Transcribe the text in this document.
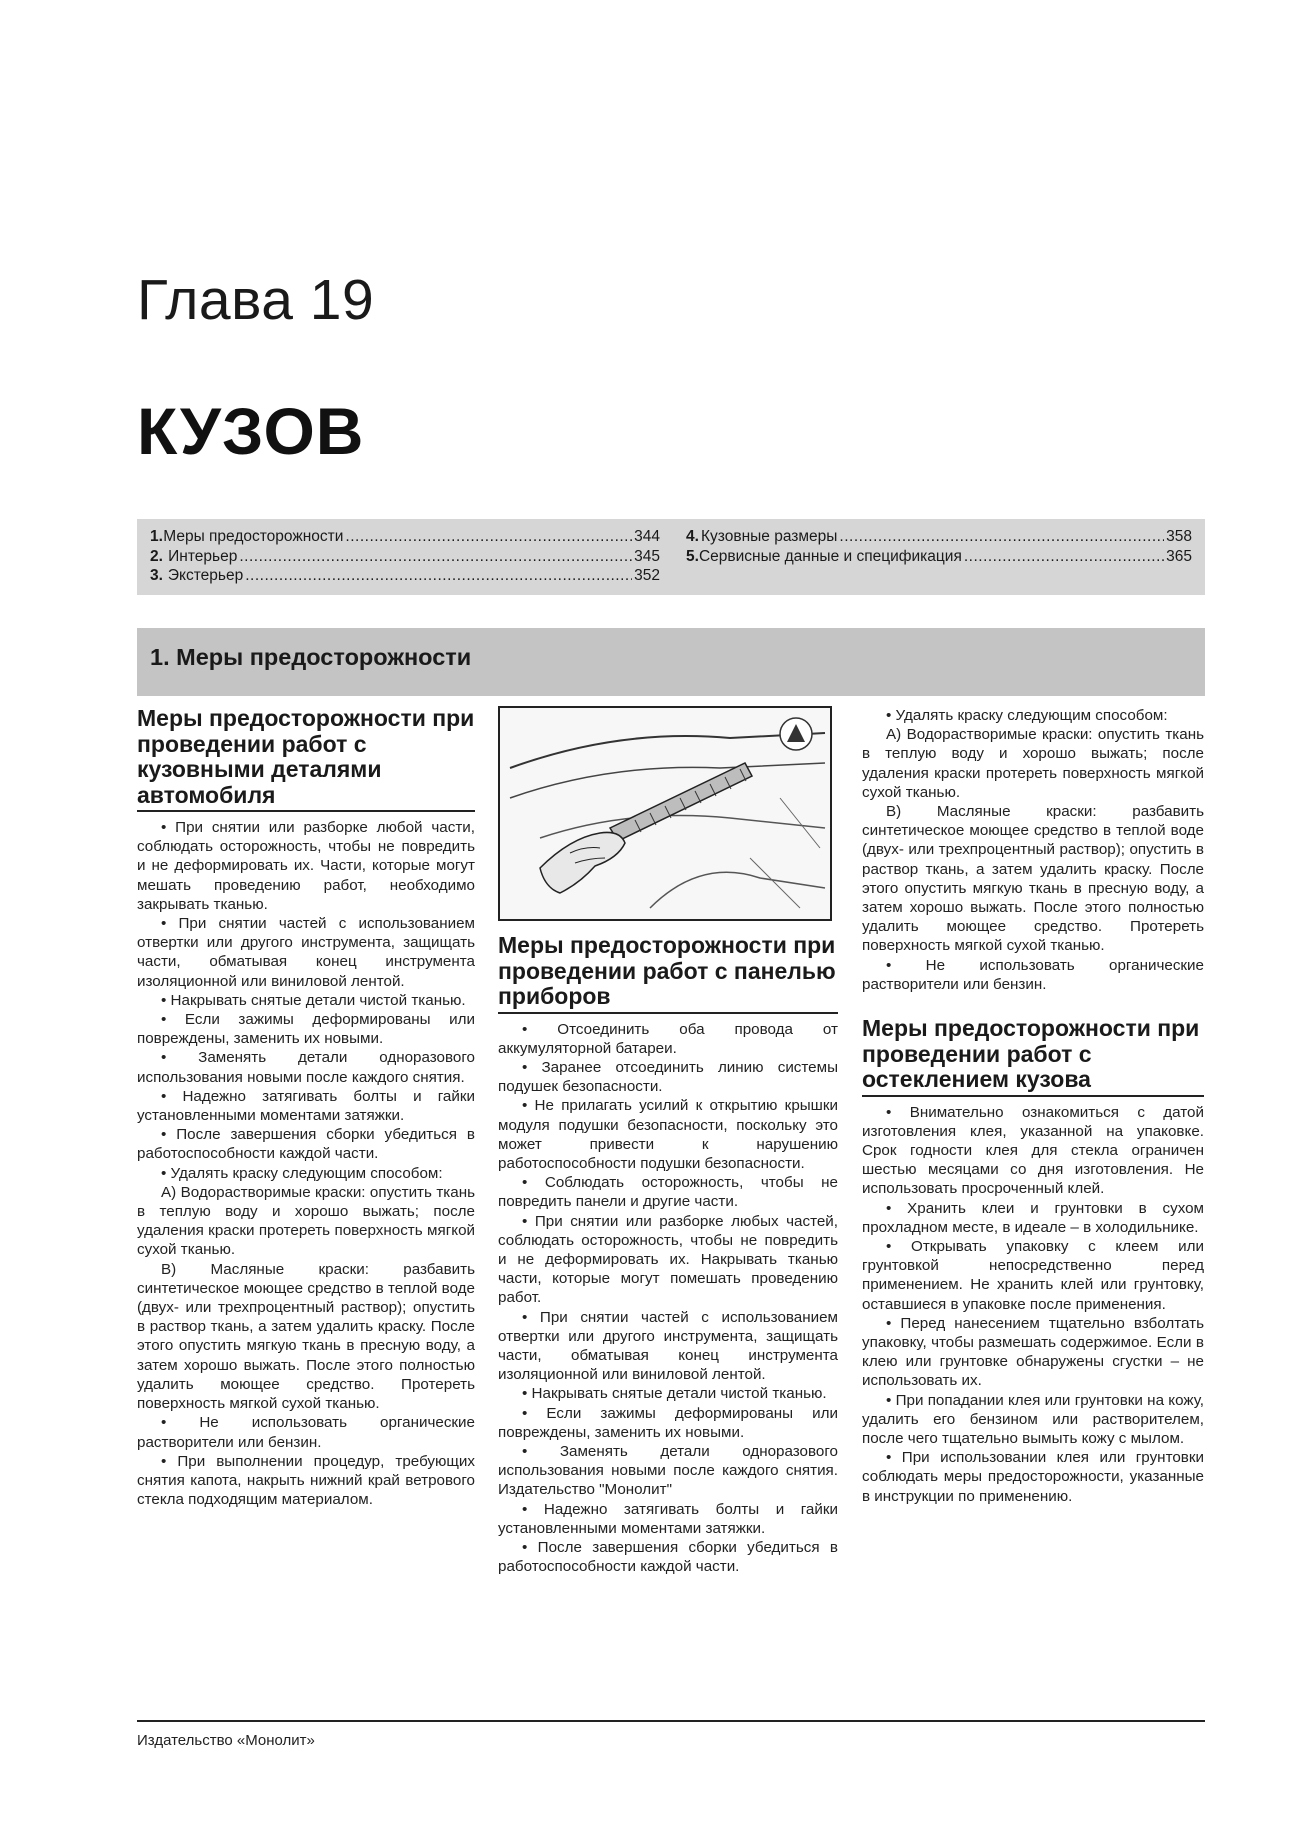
Глава 19
КУЗОВ
1. Меры предосторожности .....	344
2. Интерьер .....	345
3. Экстерьер .....	352
4. Кузовные размеры .....	358
5. Сервисные данные и спецификация .....	365
1. Меры предосторожности
Меры предосторожности при проведении работ с кузовными деталями автомобиля

• При снятии или разборке любой части, соблюдать осторожность, чтобы не повредить и не деформировать их. Части, которые могут мешать проведению работ, необходимо закрывать тканью.

• При снятии частей с использованием отвертки или другого инструмента, защищать части, обматывая конец инструмента изоляционной или виниловой лентой.

• Накрывать снятые детали чистой тканью.

• Если зажимы деформированы или повреждены, заменить их новыми.

• Заменять детали одноразового использования новыми после каждого снятия.

• Надежно затягивать болты и гайки установленными моментами затяжки.

• После завершения сборки убедиться в работоспособности каждой части.

• Удалять краску следующим способом:

А) Водорастворимые краски: опустить ткань в теплую воду и хорошо выжать; после удаления краски протереть поверхность мягкой сухой тканью.

В) Масляные краски: разбавить синтетическое моющее средство в теплой воде (двух- или трехпроцентный раствор); опустить в раствор ткань, а затем удалить краску. После этого опустить мягкую ткань в пресную воду, а затем хорошо выжать. После этого полностью удалить моющее средство. Протереть поверхность мягкой сухой тканью.

• Не использовать органические растворители или бензин.

• При выполнении процедур, требующих снятия капота, накрыть нижний край ветрового стекла подходящим материалом.

Меры предосторожности при проведении работ с панелью приборов

• Отсоединить оба провода от аккумуляторной батареи.

• Заранее отсоединить линию системы подушек безопасности.

• Не прилагать усилий к открытию крышки модуля подушки безопасности, поскольку это может привести к нарушению работоспособности подушки безопасности.

• Соблюдать осторожность, чтобы не повредить панели и другие части.

• При снятии или разборке любых частей, соблюдать осторожность, чтобы не повредить и не деформировать их. Накрывать тканью части, которые могут помешать проведению работ.

• При снятии частей с использованием отвертки или другого инструмента, защищать части, обматывая конец инструмента изоляционной или виниловой лентой.

• Накрывать снятые детали чистой тканью.

• Если зажимы деформированы или повреждены, заменить их новыми.

• Заменять детали одноразового использования новыми после каждого снятия. Издательство "Монолит"

• Надежно затягивать болты и гайки установленными моментами затяжки.

• После завершения сборки убедиться в работоспособности каждой части.

• Удалять краску следующим способом:

А) Водорастворимые краски: опустить ткань в теплую воду и хорошо выжать; после удаления краски протереть поверхность мягкой сухой тканью.

В) Масляные краски: разбавить синтетическое моющее средство в теплой воде (двух- или трехпроцентный раствор); опустить в раствор ткань, а затем удалить краску. После этого опустить мягкую ткань в пресную воду, а затем хорошо выжать. После этого полностью удалить моющее средство. Протереть поверхность мягкой сухой тканью.

• Не использовать органические растворители или бензин.

Меры предосторожности при проведении работ с остеклением кузова

• Внимательно ознакомиться с датой изготовления клея, указанной на упаковке. Срок годности клея для стекла ограничен шестью месяцами со дня изготовления. Не использовать просроченный клей.

• Хранить клеи и грунтовки в сухом прохладном месте, в идеале – в холодильнике.

• Открывать упаковку с клеем или грунтовкой непосредственно перед применением. Не хранить клей или грунтовку, оставшиеся в упаковке после применения.

• Перед нанесением тщательно взболтать упаковку, чтобы размешать содержимое. Если в клею или грунтовке обнаружены сгустки – не использовать их.

• При попадании клея или грунтовки на кожу, удалить его бензином или растворителем, после чего тщательно вымыть кожу с мылом.

• При использовании клея или грунтовки соблюдать меры предосторожности, указанные в инструкции по применению.

Издательство «Монолит»
